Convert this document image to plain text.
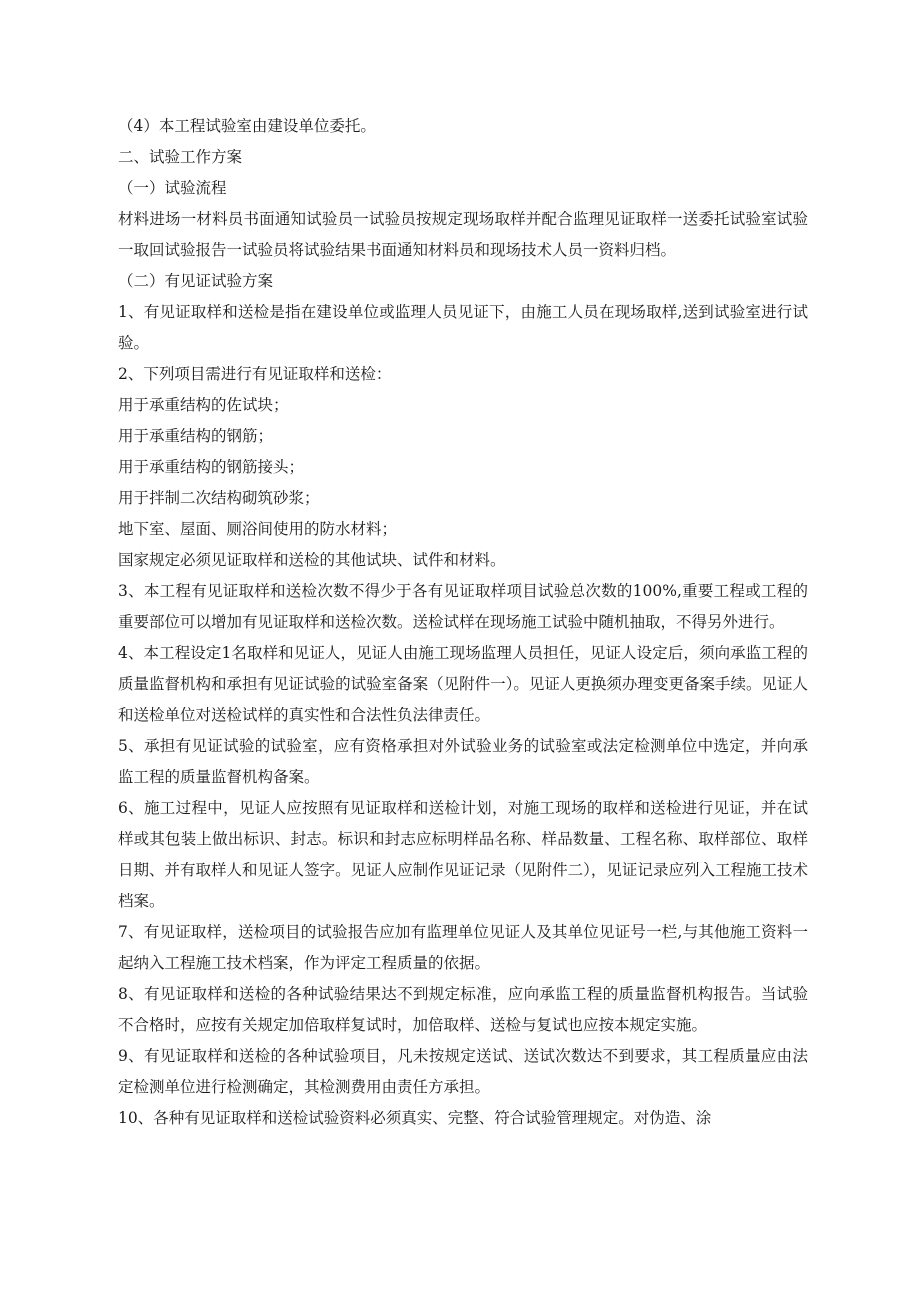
（4）本工程试验室由建设单位委托。

二、试验工作方案

（一）试验流程

材料进场一材料员书面通知试验员一试验员按规定现场取样并配合监理见证取样一送委托试验室试验一取回试验报告一试验员将试验结果书面通知材料员和现场技术人员一资料归档。

（二）有见证试验方案

1、有见证取样和送检是指在建设单位或监理人员见证下，由施工人员在现场取样,送到试验室进行试验。

2、下列项目需进行有见证取样和送检：

用于承重结构的佐试块；

用于承重结构的钢筋；

用于承重结构的钢筋接头；

用于拌制二次结构砌筑砂浆；

地下室、屋面、厕浴间使用的防水材料；

国家规定必须见证取样和送检的其他试块、试件和材料。

3、本工程有见证取样和送检次数不得少于各有见证取样项目试验总次数的100%,重要工程或工程的重要部位可以增加有见证取样和送检次数。送检试样在现场施工试验中随机抽取，不得另外进行。

4、本工程设定1名取样和见证人，见证人由施工现场监理人员担任，见证人设定后，须向承监工程的质量监督机构和承担有见证试验的试验室备案（见附件一）。见证人更换须办理变更备案手续。见证人和送检单位对送检试样的真实性和合法性负法律责任。

5、承担有见证试验的试验室，应有资格承担对外试验业务的试验室或法定检测单位中选定，并向承监工程的质量监督机构备案。

6、施工过程中，见证人应按照有见证取样和送检计划，对施工现场的取样和送检进行见证，并在试样或其包装上做出标识、封志。标识和封志应标明样品名称、样品数量、工程名称、取样部位、取样日期、并有取样人和见证人签字。见证人应制作见证记录（见附件二），见证记录应列入工程施工技术档案。

7、有见证取样，送检项目的试验报告应加有监理单位见证人及其单位见证号一栏,与其他施工资料一起纳入工程施工技术档案，作为评定工程质量的依据。

8、有见证取样和送检的各种试验结果达不到规定标准，应向承监工程的质量监督机构报告。当试验不合格时，应按有关规定加倍取样复试时，加倍取样、送检与复试也应按本规定实施。

9、有见证取样和送检的各种试验项目，凡未按规定送试、送试次数达不到要求，其工程质量应由法定检测单位进行检测确定，其检测费用由责任方承担。

10、各种有见证取样和送检试验资料必须真实、完整、符合试验管理规定。对伪造、涂
